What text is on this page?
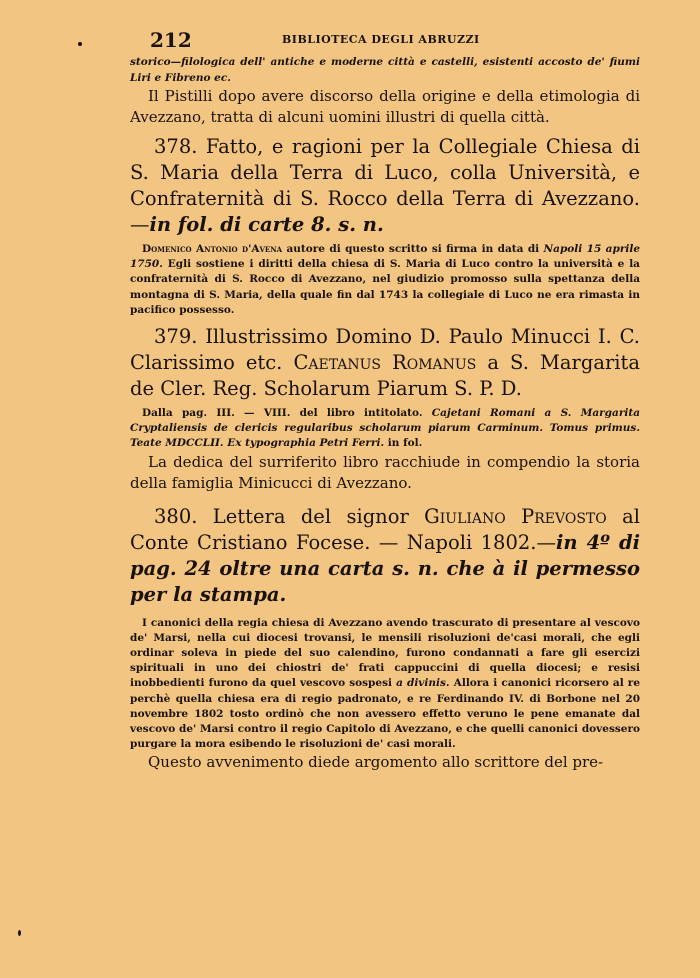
212	BIBLIOTECA DEGLI ABRUZZI

storico—filologica dell' antiche e moderne città e castelli, esistenti accosto de' fiumi Liri e Fibreno ec.

Il Pistilli dopo avere discorso della origine e della etimologia di Avezzano, tratta di alcuni uomini illustri di quella città.

378. Fatto, e ragioni per la Collegiale Chiesa di S. Maria della Terra di Luco, colla Università, e Confraternità di S. Rocco della Terra di Avezzano.—in fol. di carte 8. s. n.

Domenico Antonio d'Avena autore di questo scritto si firma in data di Napoli 15 aprile 1750. Egli sostiene i diritti della chiesa di S. Maria di Luco contro la università e la confraternità di S. Rocco di Avezzano, nel giudizio promosso sulla spettanza della montagna di S. Maria, della quale fin dal 1743 la collegiale di Luco ne era rimasta in pacifico possesso.

379. Illustrissimo Domino D. Paulo Minucci I. C. Clarissimo etc. Caetanus Romanus a S. Margarita de Cler. Reg. Scholarum Piarum S. P. D.

Dalla pag. III. — VIII. del libro intitolato. Cajetani Romani a S. Margarita Cryptaliensis de clericis regularibus scholarum piarum Carminum. Tomus primus. Teate MDCCLII. Ex typographia Petri Ferri. in fol.

La dedica del surriferito libro racchiude in compendio la storia della famiglia Minicucci di Avezzano.

380. Lettera del signor Giuliano Prevosto al Conte Cristiano Focese. — Napoli 1802.—in 4º di pag. 24 oltre una carta s. n. che à il permesso per la stampa.

I canonici della regia chiesa di Avezzano avendo trascurato di presentare al vescovo de' Marsi, nella cui diocesi trovansi, le mensili risoluzioni de'casi morali, che egli ordinar soleva in piede del suo calendino, furono condannati a fare gli esercizi spirituali in uno dei chiostri de' frati cappuccini di quella diocesi; e resisi inobbedienti furono da quel vescovo sospesi a divinis. Allora i canonici ricorsero al re perchè quella chiesa era di regio padronato, e re Ferdinando IV. di Borbone nel 20 novembre 1802 tosto ordinò che non avessero effetto veruno le pene emanate dal vescovo de' Marsi contro il regio Capitolo di Avezzano, e che quelli canonici dovessero purgare la mora esibendo le risoluzioni de' casi morali.

Questo avvenimento diede argomento allo scrittore del pre-
